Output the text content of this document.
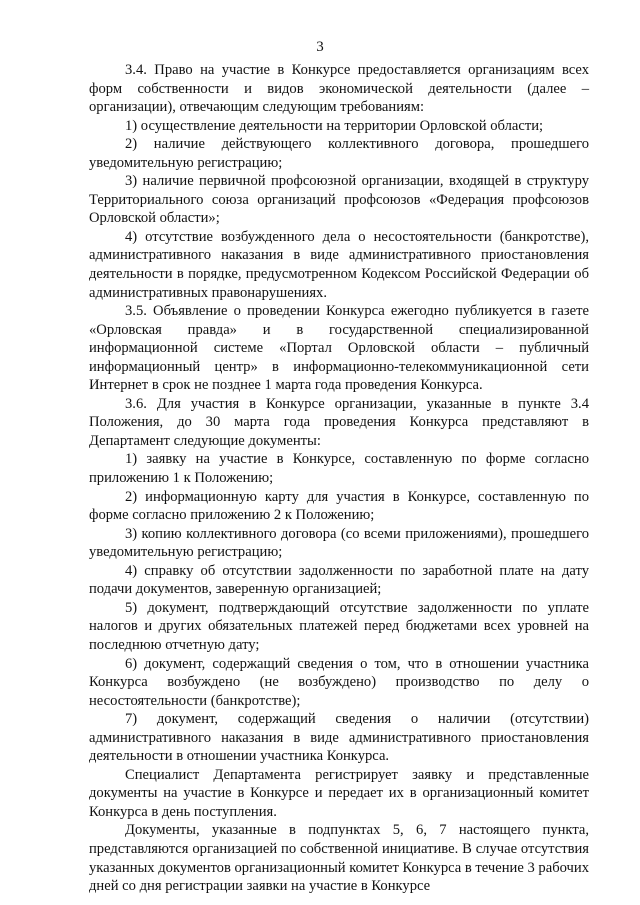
3

3.4. Право на участие в Конкурсе предоставляется организациям всех форм собственности и видов экономической деятельности (далее – организации), отвечающим следующим требованиям:

1) осуществление деятельности на территории Орловской области;

2) наличие действующего коллективного договора, прошедшего уведомительную регистрацию;

3) наличие первичной профсоюзной организации, входящей в структуру Территориального союза организаций профсоюзов «Федерация профсоюзов Орловской области»;

4) отсутствие возбужденного дела о несостоятельности (банкротстве), административного наказания в виде административного приостановления деятельности в порядке, предусмотренном Кодексом Российской Федерации об административных правонарушениях.

3.5. Объявление о проведении Конкурса ежегодно публикуется в газете «Орловская правда» и в государственной специализированной информационной системе «Портал Орловской области – публичный информационный центр» в информационно-телекоммуникационной сети Интернет в срок не позднее 1 марта года проведения Конкурса.

3.6. Для участия в Конкурсе организации, указанные в пункте 3.4 Положения, до 30 марта года проведения Конкурса представляют в Департамент следующие документы:

1) заявку на участие в Конкурсе, составленную по форме согласно приложению 1 к Положению;

2) информационную карту для участия в Конкурсе, составленную по форме согласно приложению 2 к Положению;

3) копию коллективного договора (со всеми приложениями), прошедшего уведомительную регистрацию;

4) справку об отсутствии задолженности по заработной плате на дату подачи документов, заверенную организацией;

5) документ, подтверждающий отсутствие задолженности по уплате налогов и других обязательных платежей перед бюджетами всех уровней на последнюю отчетную дату;

6) документ, содержащий сведения о том, что в отношении участника Конкурса возбуждено (не возбуждено) производство по делу о несостоятельности (банкротстве);

7) документ, содержащий сведения о наличии (отсутствии) административного наказания в виде административного приостановления деятельности в отношении участника Конкурса.

Специалист Департамента регистрирует заявку и представленные документы на участие в Конкурсе и передает их в организационный комитет Конкурса в день поступления.

Документы, указанные в подпунктах 5, 6, 7 настоящего пункта, представляются организацией по собственной инициативе. В случае отсутствия указанных документов организационный комитет Конкурса в течение 3 рабочих дней со дня регистрации заявки на участие в Конкурсе
